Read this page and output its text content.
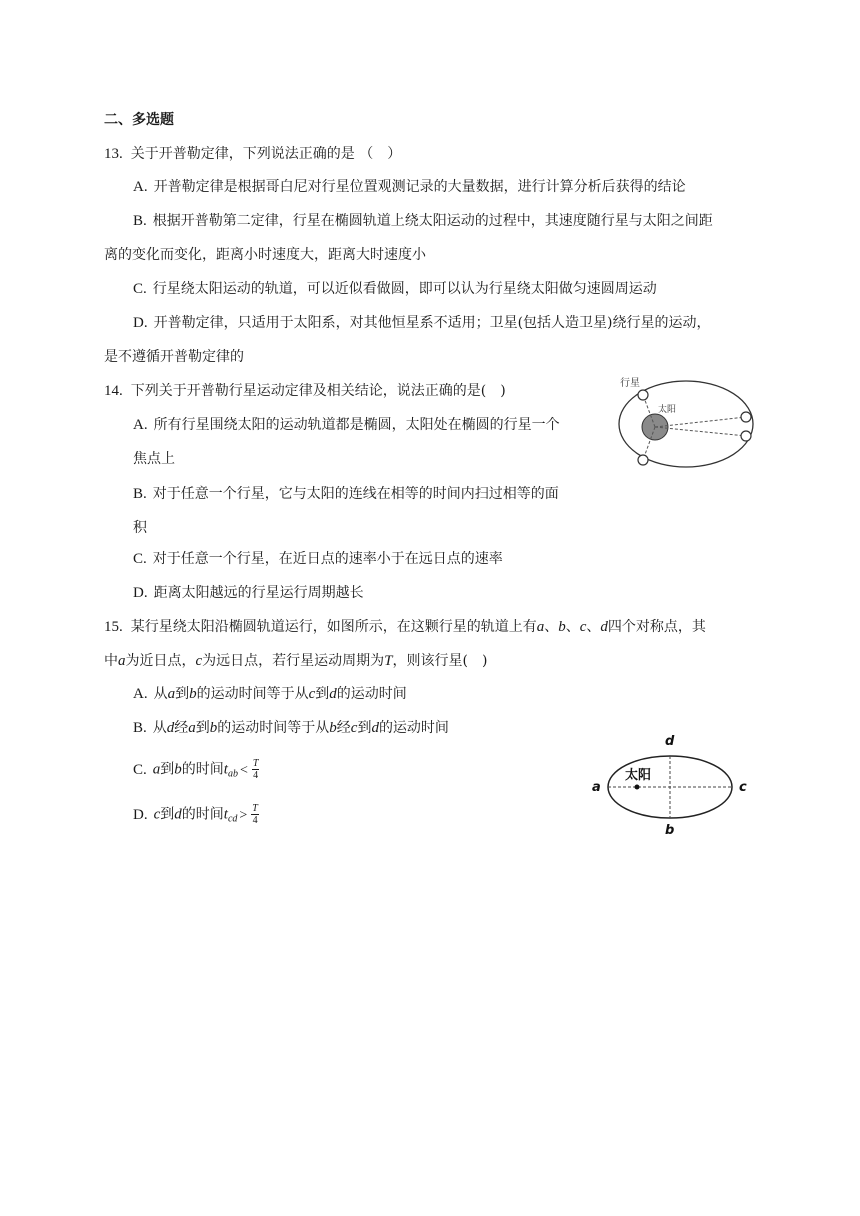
二、多选题
13. 关于开普勒定律，下列说法正确的是 （　）
A. 开普勒定律是根据哥白尼对行星位置观测记录的大量数据，进行计算分析后获得的结论
B. 根据开普勒第二定律，行星在椭圆轨道上绕太阳运动的过程中，其速度随行星与太阳之间距
离的变化而变化，距离小时速度大，距离大时速度小
C. 行星绕太阳运动的轨道，可以近似看做圆，即可以认为行星绕太阳做匀速圆周运动
D. 开普勒定律，只适用于太阳系，对其他恒星系不适用；卫星(包括人造卫星)绕行星的运动，
是不遵循开普勒定律的
14. 下列关于开普勒行星运动定律及相关结论，说法正确的是(　)
A. 所有行星围绕太阳的运动轨道都是椭圆，太阳处在椭圆的行星一个
焦点上
B. 对于任意一个行星，它与太阳的连线在相等的时间内扫过相等的面
积
C. 对于任意一个行星，在近日点的速率小于在远日点的速率
D. 距离太阳越远的行星运行周期越长
行星
太阳
15. 某行星绕太阳沿椭圆轨道运行，如图所示，在这颗行星的轨道上有a、b、c、d四个对称点，其
中a为近日点，c为远日点，若行星运动周期为T，则该行星(　)
A. 从a到b的运动时间等于从c到d的运动时间
B. 从d经a到b的运动时间等于从b经c到d的运动时间
C. a到b的时间$t_{ab} < \frac{T}{4}$
D. c到d的时间$t_{cd} > \frac{T}{4}$
太阳
a	c
d
b
